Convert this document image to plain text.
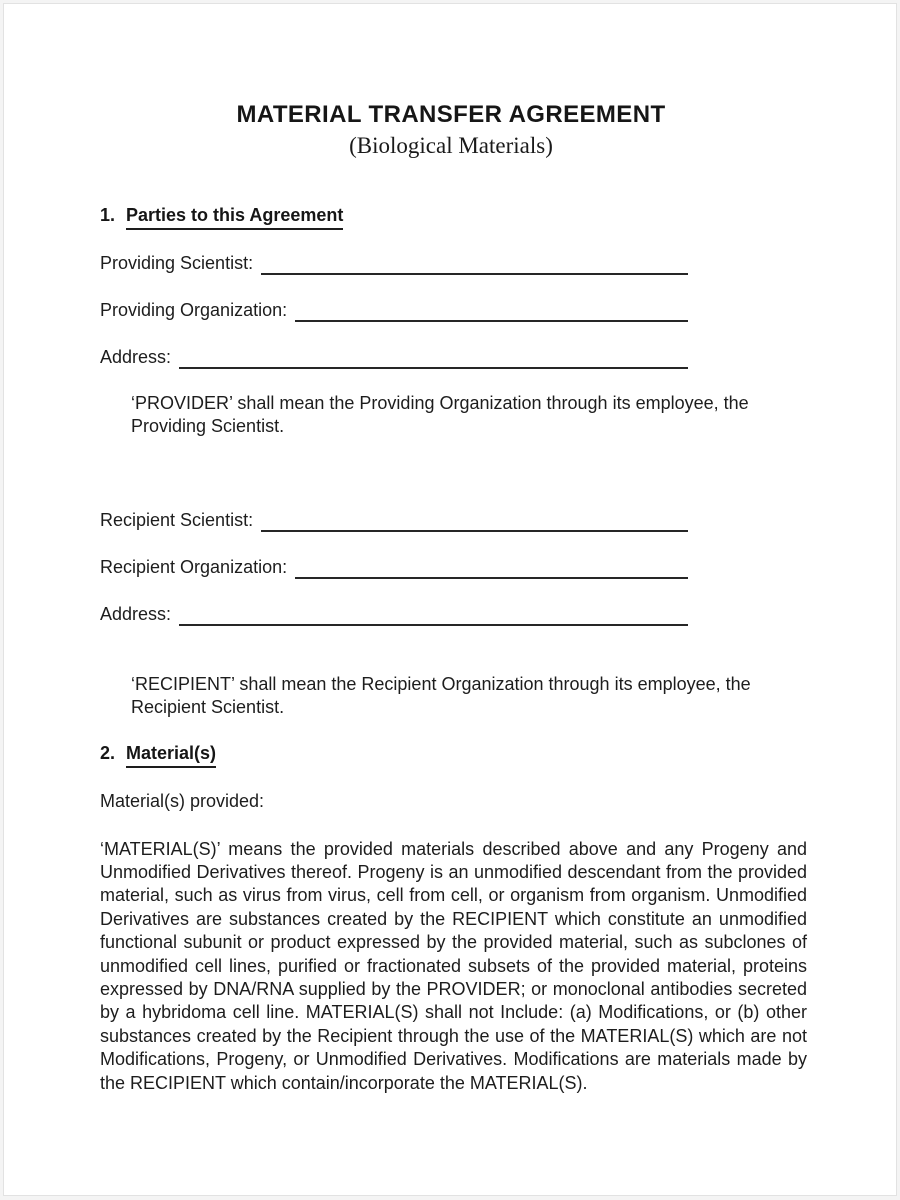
MATERIAL TRANSFER AGREEMENT
(Biological Materials)
1. Parties to this Agreement
Providing Scientist:
Providing Organization:
Address:
‘PROVIDER’ shall mean the Providing Organization through its employee, the Providing Scientist.
Recipient Scientist:
Recipient Organization:
Address:
‘RECIPIENT’ shall mean the Recipient Organization through its employee, the Recipient Scientist.
2. Material(s)
Material(s) provided:
‘MATERIAL(S)’ means the provided materials described above and any Progeny and Unmodified Derivatives thereof. Progeny is an unmodified descendant from the provided material, such as virus from virus, cell from cell, or organism from organism. Unmodified Derivatives are substances created by the RECIPIENT which constitute an unmodified functional subunit or product expressed by the provided material, such as subclones of unmodified cell lines, purified or fractionated subsets of the provided material, proteins expressed by DNA/RNA supplied by the PROVIDER; or monoclonal antibodies secreted by a hybridoma cell line. MATERIAL(S) shall not Include: (a) Modifications, or (b) other substances created by the Recipient through the use of the MATERIAL(S) which are not Modifications, Progeny, or Unmodified Derivatives. Modifications are materials made by the RECIPIENT which contain/incorporate the MATERIAL(S).
